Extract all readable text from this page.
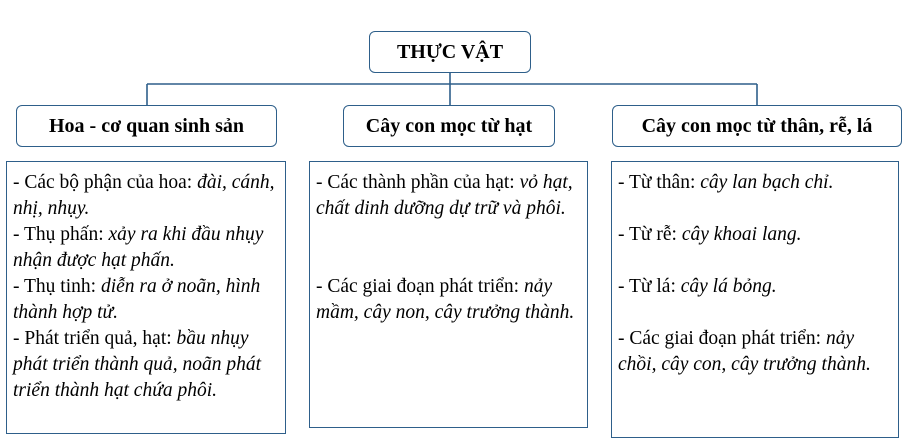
THỰC VẬT
Hoa - cơ quan sinh sản	Cây con mọc từ hạt	Cây con mọc từ thân, rễ, lá

- Các bộ phận của hoa: đài, cánh, nhị, nhụy.

- Thụ phấn: xảy ra khi đầu nhụy nhận được hạt phấn.

- Thụ tinh: diễn ra ở noãn, hình thành hợp tử.

- Phát triển quả, hạt: bầu nhụy phát triển thành quả, noãn phát triển thành hạt chứa phôi.

- Các thành phần của hạt: vỏ hạt, chất dinh dưỡng dự trữ và phôi.

- Các giai đoạn phát triển: nảy mầm, cây non, cây trưởng thành.

- Từ thân: cây lan bạch chỉ.

- Từ rễ: cây khoai lang.

- Từ lá: cây lá bỏng.

- Các giai đoạn phát triển: nảy chồi, cây con, cây trưởng thành.
